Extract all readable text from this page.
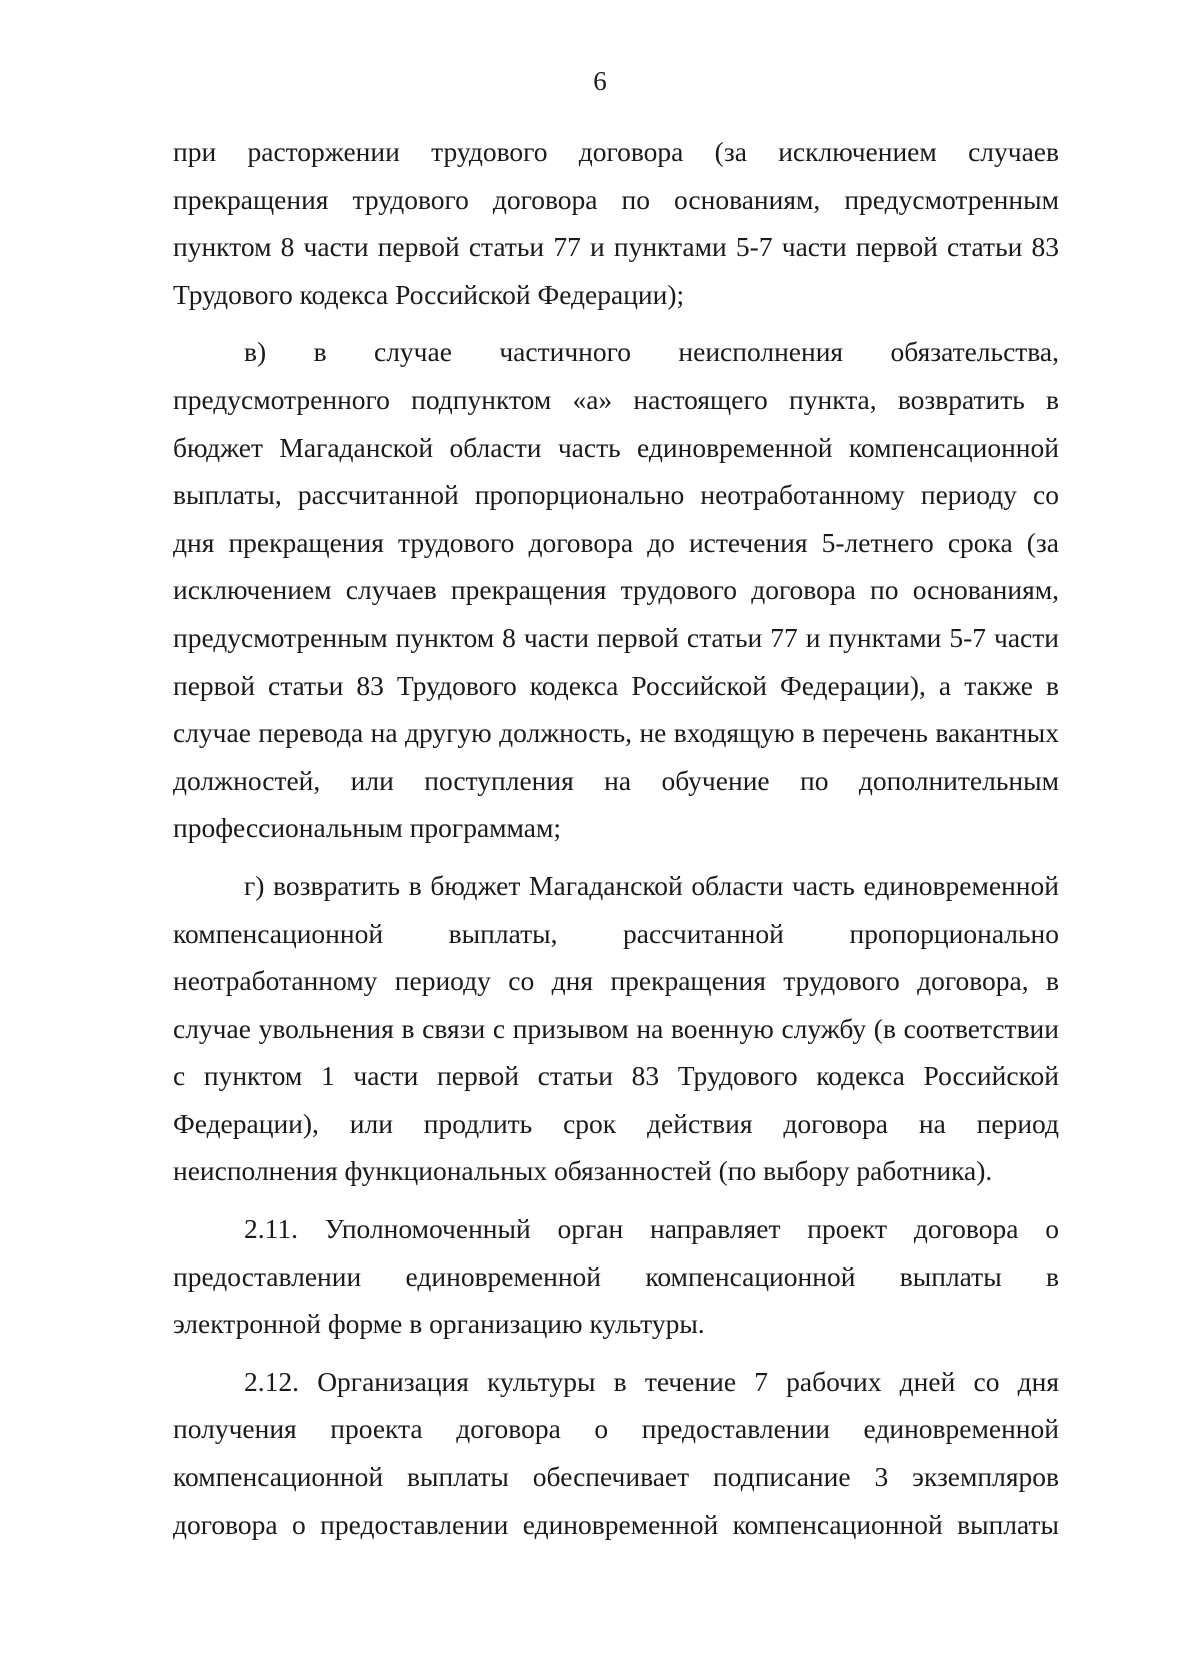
6

при расторжении трудового договора (за исключением случаев прекращения трудового договора по основаниям, предусмотренным пунктом 8 части первой статьи 77 и пунктами 5-7 части первой статьи 83 Трудового кодекса Российской Федерации);

в) в случае частичного неисполнения обязательства, предусмотренного подпунктом «а» настоящего пункта, возвратить в бюджет Магаданской области часть единовременной компенсационной выплаты, рассчитанной пропорционально неотработанному периоду со дня прекращения трудового договора до истечения 5-летнего срока (за исключением случаев прекращения трудового договора по основаниям, предусмотренным пунктом 8 части первой статьи 77 и пунктами 5-7 части первой статьи 83 Трудового кодекса Российской Федерации), а также в случае перевода на другую должность, не входящую в перечень вакантных должностей, или поступления на обучение по дополнительным профессиональным программам;

г) возвратить в бюджет Магаданской области часть единовременной компенсационной выплаты, рассчитанной пропорционально неотработанному периоду со дня прекращения трудового договора, в случае увольнения в связи с призывом на военную службу (в соответствии с пунктом 1 части первой статьи 83 Трудового кодекса Российской Федерации), или продлить срок действия договора на период неисполнения функциональных обязанностей (по выбору работника).

2.11. Уполномоченный орган направляет проект договора о предоставлении единовременной компенсационной выплаты в электронной форме в организацию культуры.

2.12. Организация культуры в течение 7 рабочих дней со дня получения проекта договора о предоставлении единовременной компенсационной выплаты обеспечивает подписание 3 экземпляров договора о предоставлении единовременной компенсационной выплаты
